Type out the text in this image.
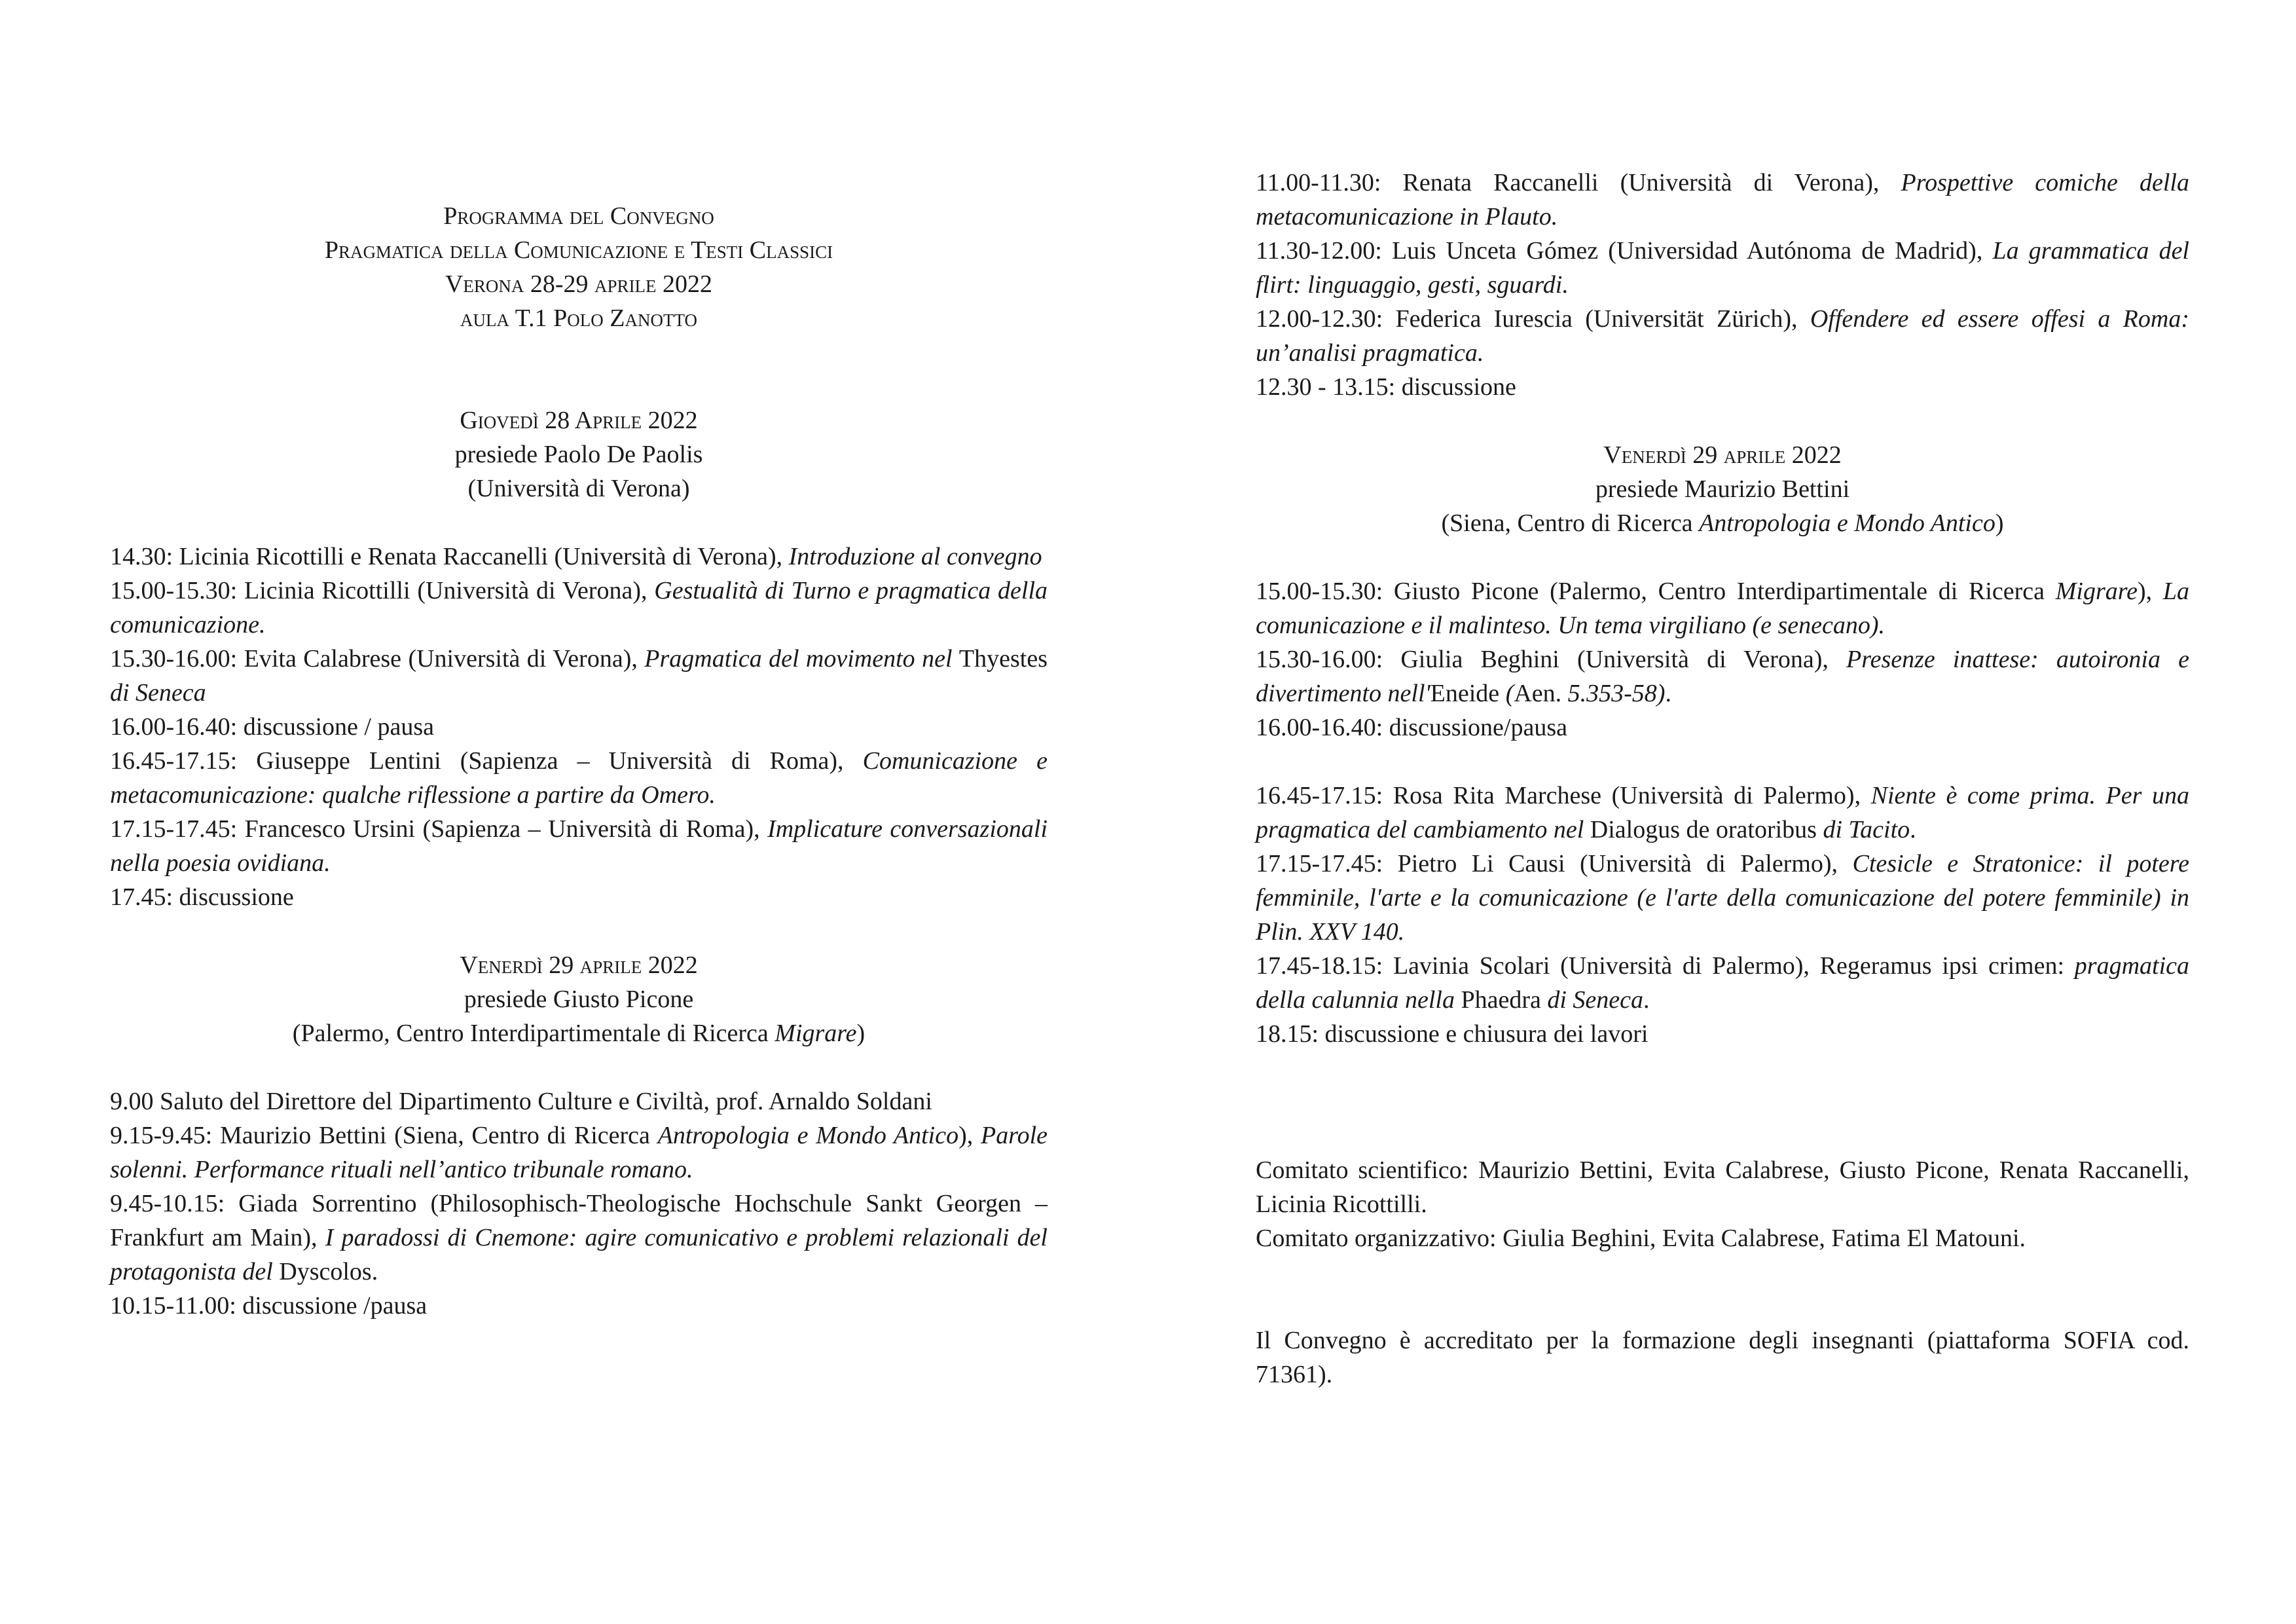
Programma del Convegno
Pragmatica della Comunicazione e Testi Classici
Verona 28-29 aprile 2022
aula T.1 Polo Zanotto
Giovedì 28 Aprile 2022
presiede Paolo De Paolis
(Università di Verona)
14.30: Licinia Ricottilli e Renata Raccanelli (Università di Verona), Introduzione al convegno
15.00-15.30: Licinia Ricottilli (Università di Verona), Gestualità di Turno e pragmatica della comunicazione.
15.30-16.00: Evita Calabrese (Università di Verona), Pragmatica del movimento nel Thyestes di Seneca
16.00-16.40: discussione / pausa
16.45-17.15: Giuseppe Lentini (Sapienza – Università di Roma), Comunicazione e metacomunicazione: qualche riflessione a partire da Omero.
17.15-17.45: Francesco Ursini (Sapienza – Università di Roma), Implicature conversazionali nella poesia ovidiana.
17.45: discussione
Venerdì 29 aprile 2022
presiede Giusto Picone
(Palermo, Centro Interdipartimentale di Ricerca Migrare)
9.00 Saluto del Direttore del Dipartimento Culture e Civiltà, prof. Arnaldo Soldani
9.15-9.45: Maurizio Bettini (Siena, Centro di Ricerca Antropologia e Mondo Antico), Parole solenni. Performance rituali nell’antico tribunale romano.
9.45-10.15: Giada Sorrentino (Philosophisch-Theologische Hochschule Sankt Georgen – Frankfurt am Main), I paradossi di Cnemone: agire comunicativo e problemi relazionali del protagonista del Dyscolos.
10.15-11.00: discussione /pausa
11.00-11.30: Renata Raccanelli (Università di Verona), Prospettive comiche della metacomunicazione in Plauto.
11.30-12.00: Luis Unceta Gómez (Universidad Autónoma de Madrid), La grammatica del flirt: linguaggio, gesti, sguardi.
12.00-12.30: Federica Iurescia (Universität Zürich), Offendere ed essere offesi a Roma: un’analisi pragmatica.
12.30 - 13.15: discussione
Venerdì 29 aprile 2022
presiede Maurizio Bettini
(Siena, Centro di Ricerca Antropologia e Mondo Antico)
15.00-15.30: Giusto Picone (Palermo, Centro Interdipartimentale di Ricerca Migrare), La comunicazione e il malinteso. Un tema virgiliano (e senecano).
15.30-16.00: Giulia Beghini (Università di Verona), Presenze inattese: autoironia e divertimento nell'Eneide (Aen. 5.353-58).
16.00-16.40: discussione/pausa
16.45-17.15: Rosa Rita Marchese (Università di Palermo), Niente è come prima. Per una pragmatica del cambiamento nel Dialogus de oratoribus di Tacito.
17.15-17.45: Pietro Li Causi (Università di Palermo), Ctesicle e Stratonice: il potere femminile, l'arte e la comunicazione (e l'arte della comunicazione del potere femminile) in Plin. XXV 140.
17.45-18.15: Lavinia Scolari (Università di Palermo), Regeramus ipsi crimen: pragmatica della calunnia nella Phaedra di Seneca.
18.15: discussione e chiusura dei lavori
Comitato scientifico: Maurizio Bettini, Evita Calabrese, Giusto Picone, Renata Raccanelli, Licinia Ricottilli.
Comitato organizzativo: Giulia Beghini, Evita Calabrese, Fatima El Matouni.
Il Convegno è accreditato per la formazione degli insegnanti (piattaforma SOFIA cod. 71361).
